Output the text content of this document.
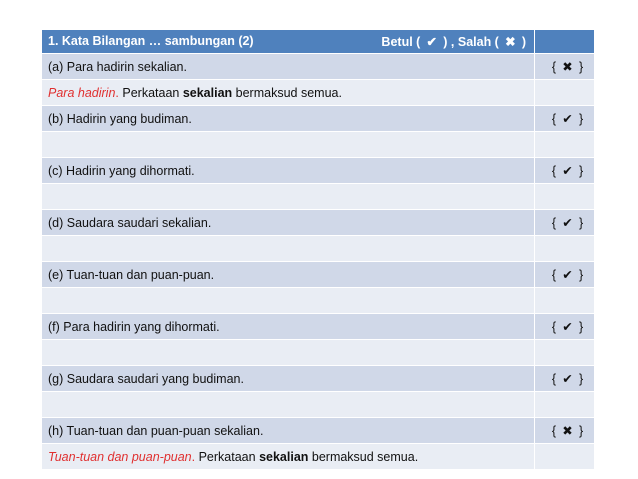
1. Kata Bilangan … sambungan (2) Betul ( ✔ ) , Salah ( ✖ )	

(a) Para hadirin sekalian.	{ ✖ }
Para hadirin. Perkataan sekalian bermaksud semua.	
(b) Hadirin yang budiman.	{ ✔ }

(c) Hadirin yang dihormati.	{ ✔ }

(d) Saudara saudari sekalian.	{ ✔ }

(e) Tuan-tuan dan puan-puan.	{ ✔ }

(f) Para hadirin yang dihormati.	{ ✔ }

(g) Saudara saudari yang budiman.	{ ✔ }

(h) Tuan-tuan dan puan-puan sekalian.	{ ✖ }
Tuan-tuan dan puan-puan. Perkataan sekalian bermaksud semua.	
